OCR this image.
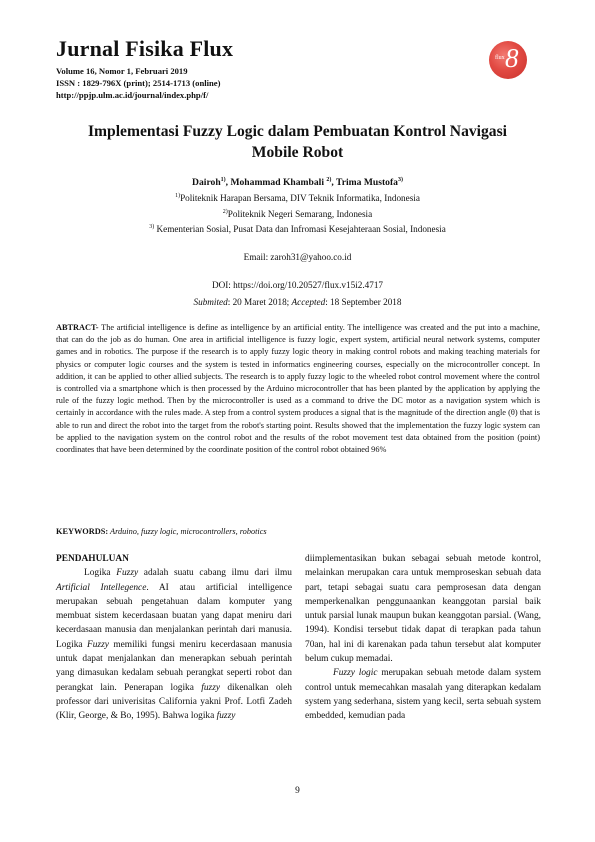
Jurnal Fisika Flux
Volume 16, Nomor 1, Februari 2019
ISSN : 1829-796X (print); 2514-1713 (online)
http://ppjp.ulm.ac.id/journal/index.php/f/
flux 8
Implementasi Fuzzy Logic dalam Pembuatan Kontrol Navigasi
Mobile Robot
Dairoh$^{1)}$, Mohammad Khambali $^{2)}$, Trima Mustofa$^{3)}$
$^{1)}$Politeknik Harapan Bersama, DIV Teknik Informatika, Indonesia
$^{2)}$Politeknik Negeri Semarang, Indonesia
$^{3)}$ Kementerian Sosial, Pusat Data dan Infromasi Kesejahteraan Sosial, Indonesia
Email: zaroh31@yahoo.co.id
DOI: https://doi.org/10.20527/flux.v15i2.4717
Submited: 20 Maret 2018; Accepted: 18 September 2018
ABTRACT- The artificial intelligence is define as intelligence by an artificial entity. The intelligence was created and the put into a machine, that can do the job as do human. One area in artificial intelligence is fuzzy logic, expert system, artificial neural network systems, computer games and in robotics. The purpose if the research is to apply fuzzy logic theory in making control robots and making teaching materials for physics or computer logic courses and the system is tested in informatics engineering courses, especially on the microcontroller concept. In addition, it can be applied to other allied subjects. The research is to apply fuzzy logic to the wheeled robot control movement where the control is controlled via a smartphone which is then processed by the Arduino microcontroller that has been planted by the application by applying the rule of the fuzzy logic method. Then by the microcontroller is used as a command to drive the DC motor as a navigation system which is certainly in accordance with the rules made. A step from a control system produces a signal that is the magnitude of the direction angle (θ) that is able to run and direct the robot into the target from the robot's starting point. Results showed that the implementation the fuzzy logic system can be applied to the navigation system on the control robot and the results of the robot movement test data obtained from the position (point) coordinates that have been determined by the coordinate position of the control robot obtained 96%
KEYWORDS: Arduino, fuzzy logic, microcontrollers, robotics

PENDAHULUAN

Logika Fuzzy adalah suatu cabang ilmu dari ilmu Artificial Intellegence. AI atau artificial intelligence merupakan sebuah pengetahuan dalam komputer yang membuat sistem kecerdasaan buatan yang dapat meniru dari kecerdasaan manusia dan menjalankan perintah dari manusia. Logika Fuzzy memiliki fungsi meniru kecerdasaan manusia untuk dapat menjalankan dan menerapkan sebuah perintah yang dimasukan kedalam sebuah perangkat seperti robot dan perangkat lain. Penerapan logika fuzzy dikenalkan oleh professor dari univerisitas California yakni Prof. Lotfi Zadeh (Klir, George, & Bo, 1995). Bahwa logika fuzzy

diimplementasikan bukan sebagai sebuah metode kontrol, melainkan merupakan cara untuk memproseskan sebuah data part, tetapi sebagai suatu cara pemprosesan data dengan memperkenalkan penggunaankan keanggotan parsial baik untuk parsial lunak maupun bukan keanggotan parsial. (Wang, 1994). Kondisi tersebut tidak dapat di terapkan pada tahun 70an, hal ini di karenakan pada tahun tersebut alat komputer belum cukup memadai.

Fuzzy logic merupakan sebuah metode dalam system control untuk memecahkan masalah yang diterapkan kedalam system yang sederhana, sistem yang kecil, serta sebuah system embedded, kemudian pada

9
